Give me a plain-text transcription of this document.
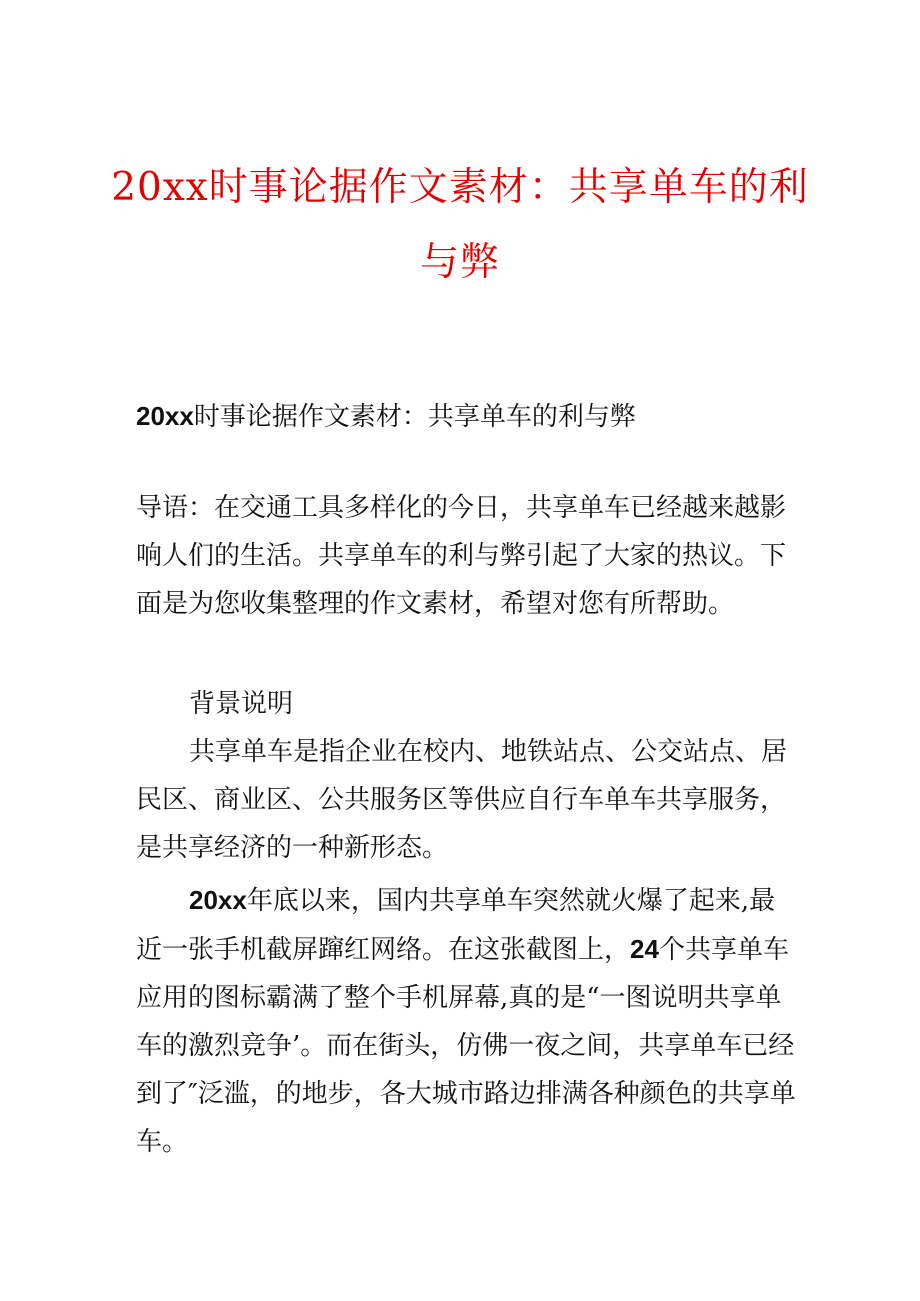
20xx时事论据作文素材：共享单车的利与弊

20xx时事论据作文素材：共享单车的利与弊

导语：在交通工具多样化的今日，共享单车已经越来越影响人们的生活。共享单车的利与弊引起了大家的热议。下面是为您收集整理的作文素材，希望对您有所帮助。

背景说明

共享单车是指企业在校内、地铁站点、公交站点、居民区、商业区、公共服务区等供应自行车单车共享服务，是共享经济的一种新形态。

20xx年底以来，国内共享单车突然就火爆了起来,最近一张手机截屏蹿红网络。在这张截图上，24个共享单车应用的图标霸满了整个手机屏幕,真的是“一图说明共享单车的激烈竞争’。而在街头，仿佛一夜之间，共享单车已经到了″泛滥，的地步，各大城市路边排满各种颜色的共享单车。
